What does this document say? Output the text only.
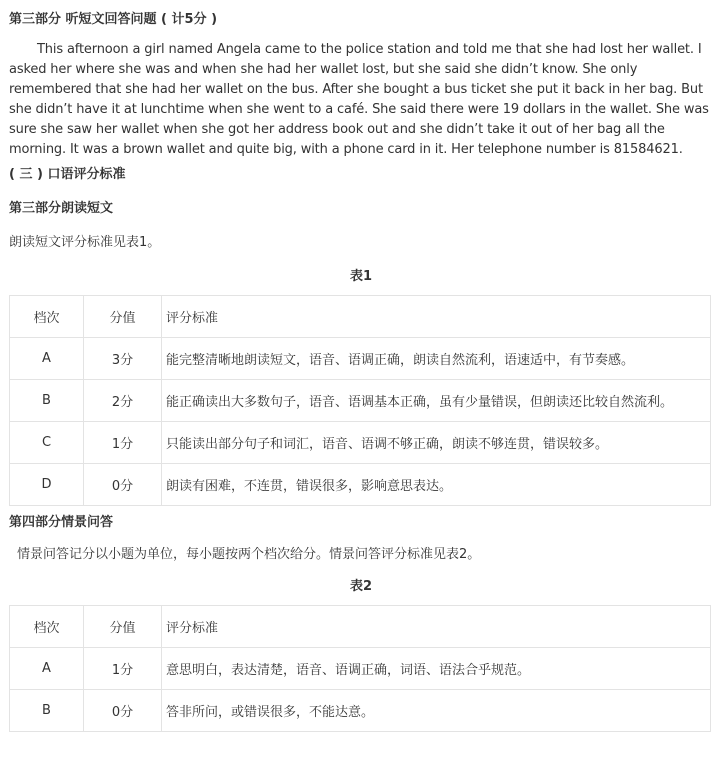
第三部分 听短文回答问题 ( 计5分 )

This afternoon a girl named Angela came to the police station and told me that she had lost her wallet. I asked her where she was and when she had her wallet lost, but she said she didn’t know. She only remembered that she had her wallet on the bus. After she bought a bus ticket she put it back in her bag. But she didn’t have it at lunchtime when she went to a café. She said there were 19 dollars in the wallet. She was sure she saw her wallet when she got her address book out and she didn’t take it out of her bag all the morning. It was a brown wallet and quite big, with a phone card in it. Her telephone number is 81584621.

( 三 ) 口语评分标准

第三部分朗读短文

朗读短文评分标准见表1。

表1

档次	分值	评分标准
A	3分	能完整清晰地朗读短文，语音、语调正确，朗读自然流利，语速适中，有节奏感。
B	2分	能正确读出大多数句子，语音、语调基本正确，虽有少量错误，但朗读还比较自然流利。
C	1分	只能读出部分句子和词汇，语音、语调不够正确，朗读不够连贯，错误较多。
D	0分	朗读有困难，不连贯，错误很多，影响意思表达。

第四部分情景问答

情景问答记分以小题为单位，每小题按两个档次给分。情景问答评分标准见表2。

表2

档次	分值	评分标准
A	1分	意思明白，表达清楚，语音、语调正确，词语、语法合乎规范。
B	0分	答非所问，或错误很多，不能达意。
